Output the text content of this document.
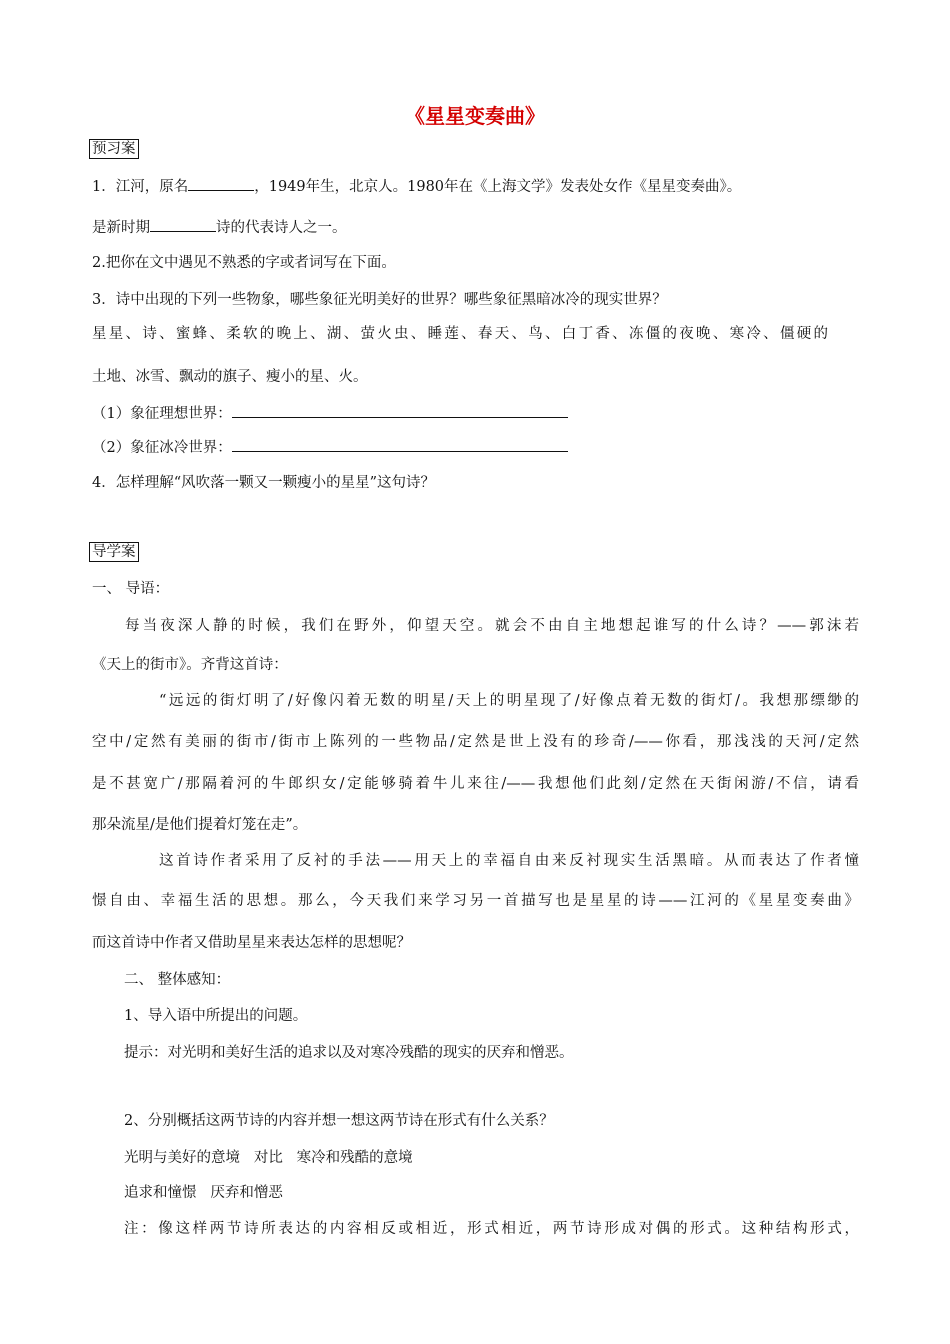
《星星变奏曲》
预习案
1．江河，原名	，1949年生，北京人。1980年在《上海文学》发表处女作《星星变奏曲》。
是新时期	诗的代表诗人之一。
2.把你在文中遇见不熟悉的字或者词写在下面。
3．诗中出现的下列一些物象，哪些象征光明美好的世界？哪些象征黑暗冰冷的现实世界？
星星、诗、蜜蜂、柔软的晚上、湖、萤火虫、睡莲、春天、鸟、白丁香、冻僵的夜晚、寒冷、僵硬的
土地、冰雪、飘动的旗子、瘦小的星、火。
（1）象征理想世界：
（2）象征冰冷世界：
4．怎样理解“风吹落一颗又一颗瘦小的星星”这句诗？
导学案
一、 导语：
每当夜深人静的时候，我们在野外，仰望天空。就会不由自主地想起谁写的什么诗？——郭沫若
《天上的街市》。齐背这首诗：
“远远的街灯明了/好像闪着无数的明星/天上的明星现了/好像点着无数的街灯/。我想那缥缈的
空中/定然有美丽的街市/街市上陈列的一些物品/定然是世上没有的珍奇/——你看，那浅浅的天河/定然
是不甚宽广/那隔着河的牛郎织女/定能够骑着牛儿来往/——我想他们此刻/定然在天街闲游/不信，请看
那朵流星/是他们提着灯笼在走”。
这首诗作者采用了反衬的手法——用天上的幸福自由来反衬现实生活黑暗。从而表达了作者憧
憬自由、幸福生活的思想。那么，今天我们来学习另一首描写也是星星的诗——江河的《星星变奏曲》
而这首诗中作者又借助星星来表达怎样的思想呢？
二、 整体感知：
1、导入语中所提出的问题。
提示：对光明和美好生活的追求以及对寒冷残酷的现实的厌弃和憎恶。
2、分别概括这两节诗的内容并想一想这两节诗在形式有什么关系？
光明与美好的意境   对比   寒冷和残酷的意境
追求和憧憬   厌弃和憎恶
注：像这样两节诗所表达的内容相反或相近，形式相近，两节诗形成对偶的形式。这种结构形式，
